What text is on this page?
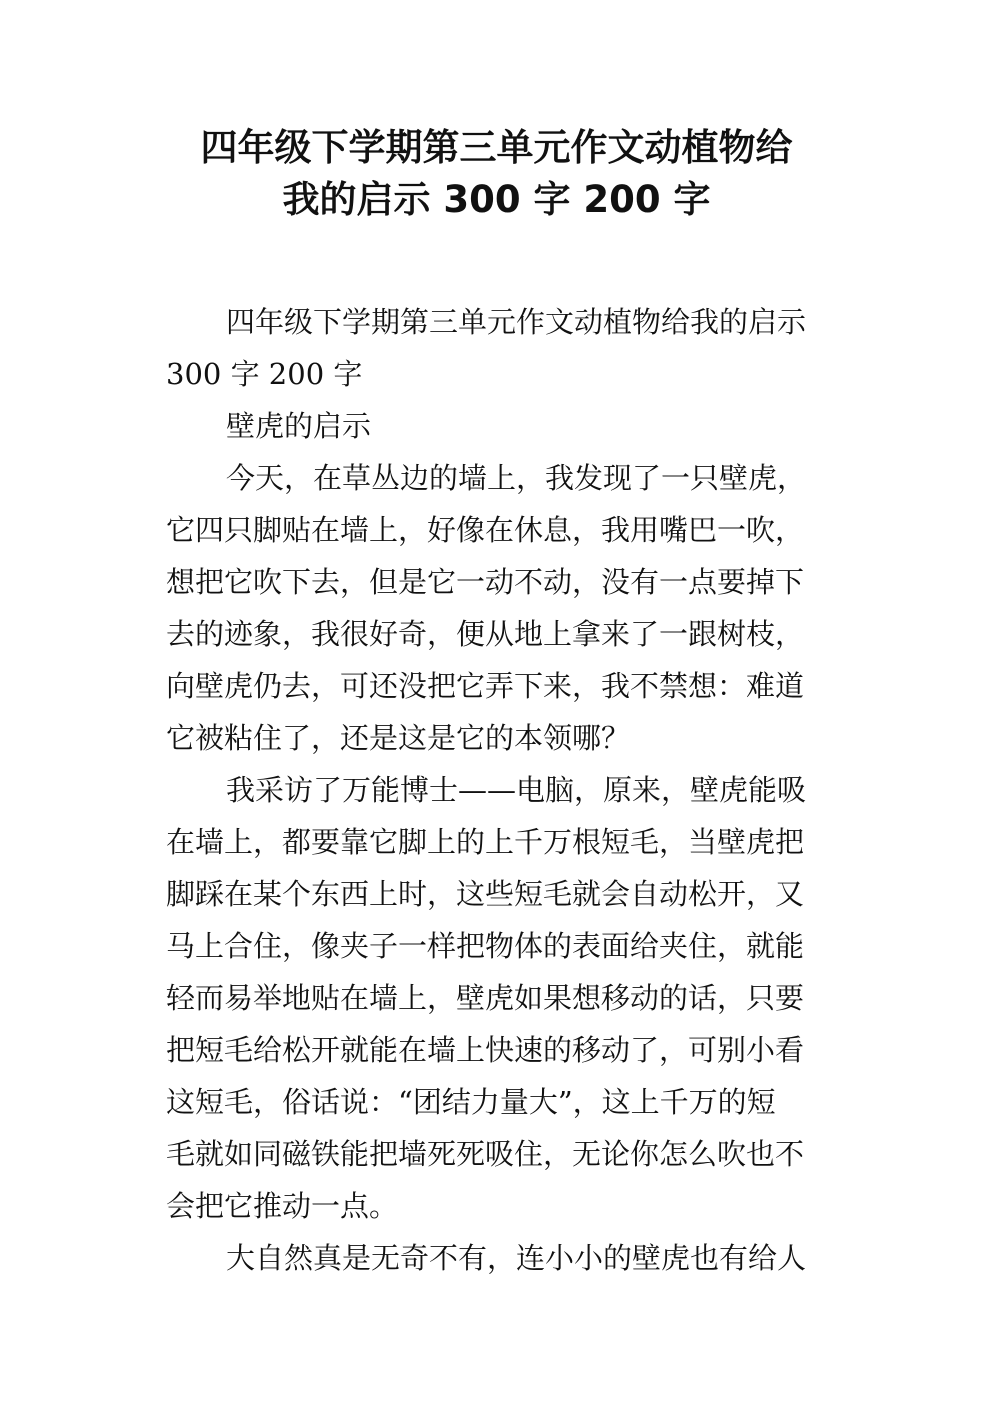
四年级下学期第三单元作文动植物给
我的启示 300 字 200 字
四年级下学期第三单元作文动植物给我的启示
300 字 200 字
壁虎的启示
今天，在草丛边的墙上，我发现了一只壁虎，
它四只脚贴在墙上，好像在休息，我用嘴巴一吹，
想把它吹下去，但是它一动不动，没有一点要掉下
去的迹象，我很好奇，便从地上拿来了一跟树枝，
向壁虎仍去，可还没把它弄下来，我不禁想：难道
它被粘住了，还是这是它的本领哪？
我采访了万能博士——电脑，原来，壁虎能吸
在墙上，都要靠它脚上的上千万根短毛，当壁虎把
脚踩在某个东西上时，这些短毛就会自动松开，又
马上合住，像夹子一样把物体的表面给夹住，就能
轻而易举地贴在墙上，壁虎如果想移动的话，只要
把短毛给松开就能在墙上快速的移动了，可别小看
这短毛，俗话说：“团结力量大”，这上千万的短
毛就如同磁铁能把墙死死吸住，无论你怎么吹也不
会把它推动一点。
大自然真是无奇不有，连小小的壁虎也有给人
